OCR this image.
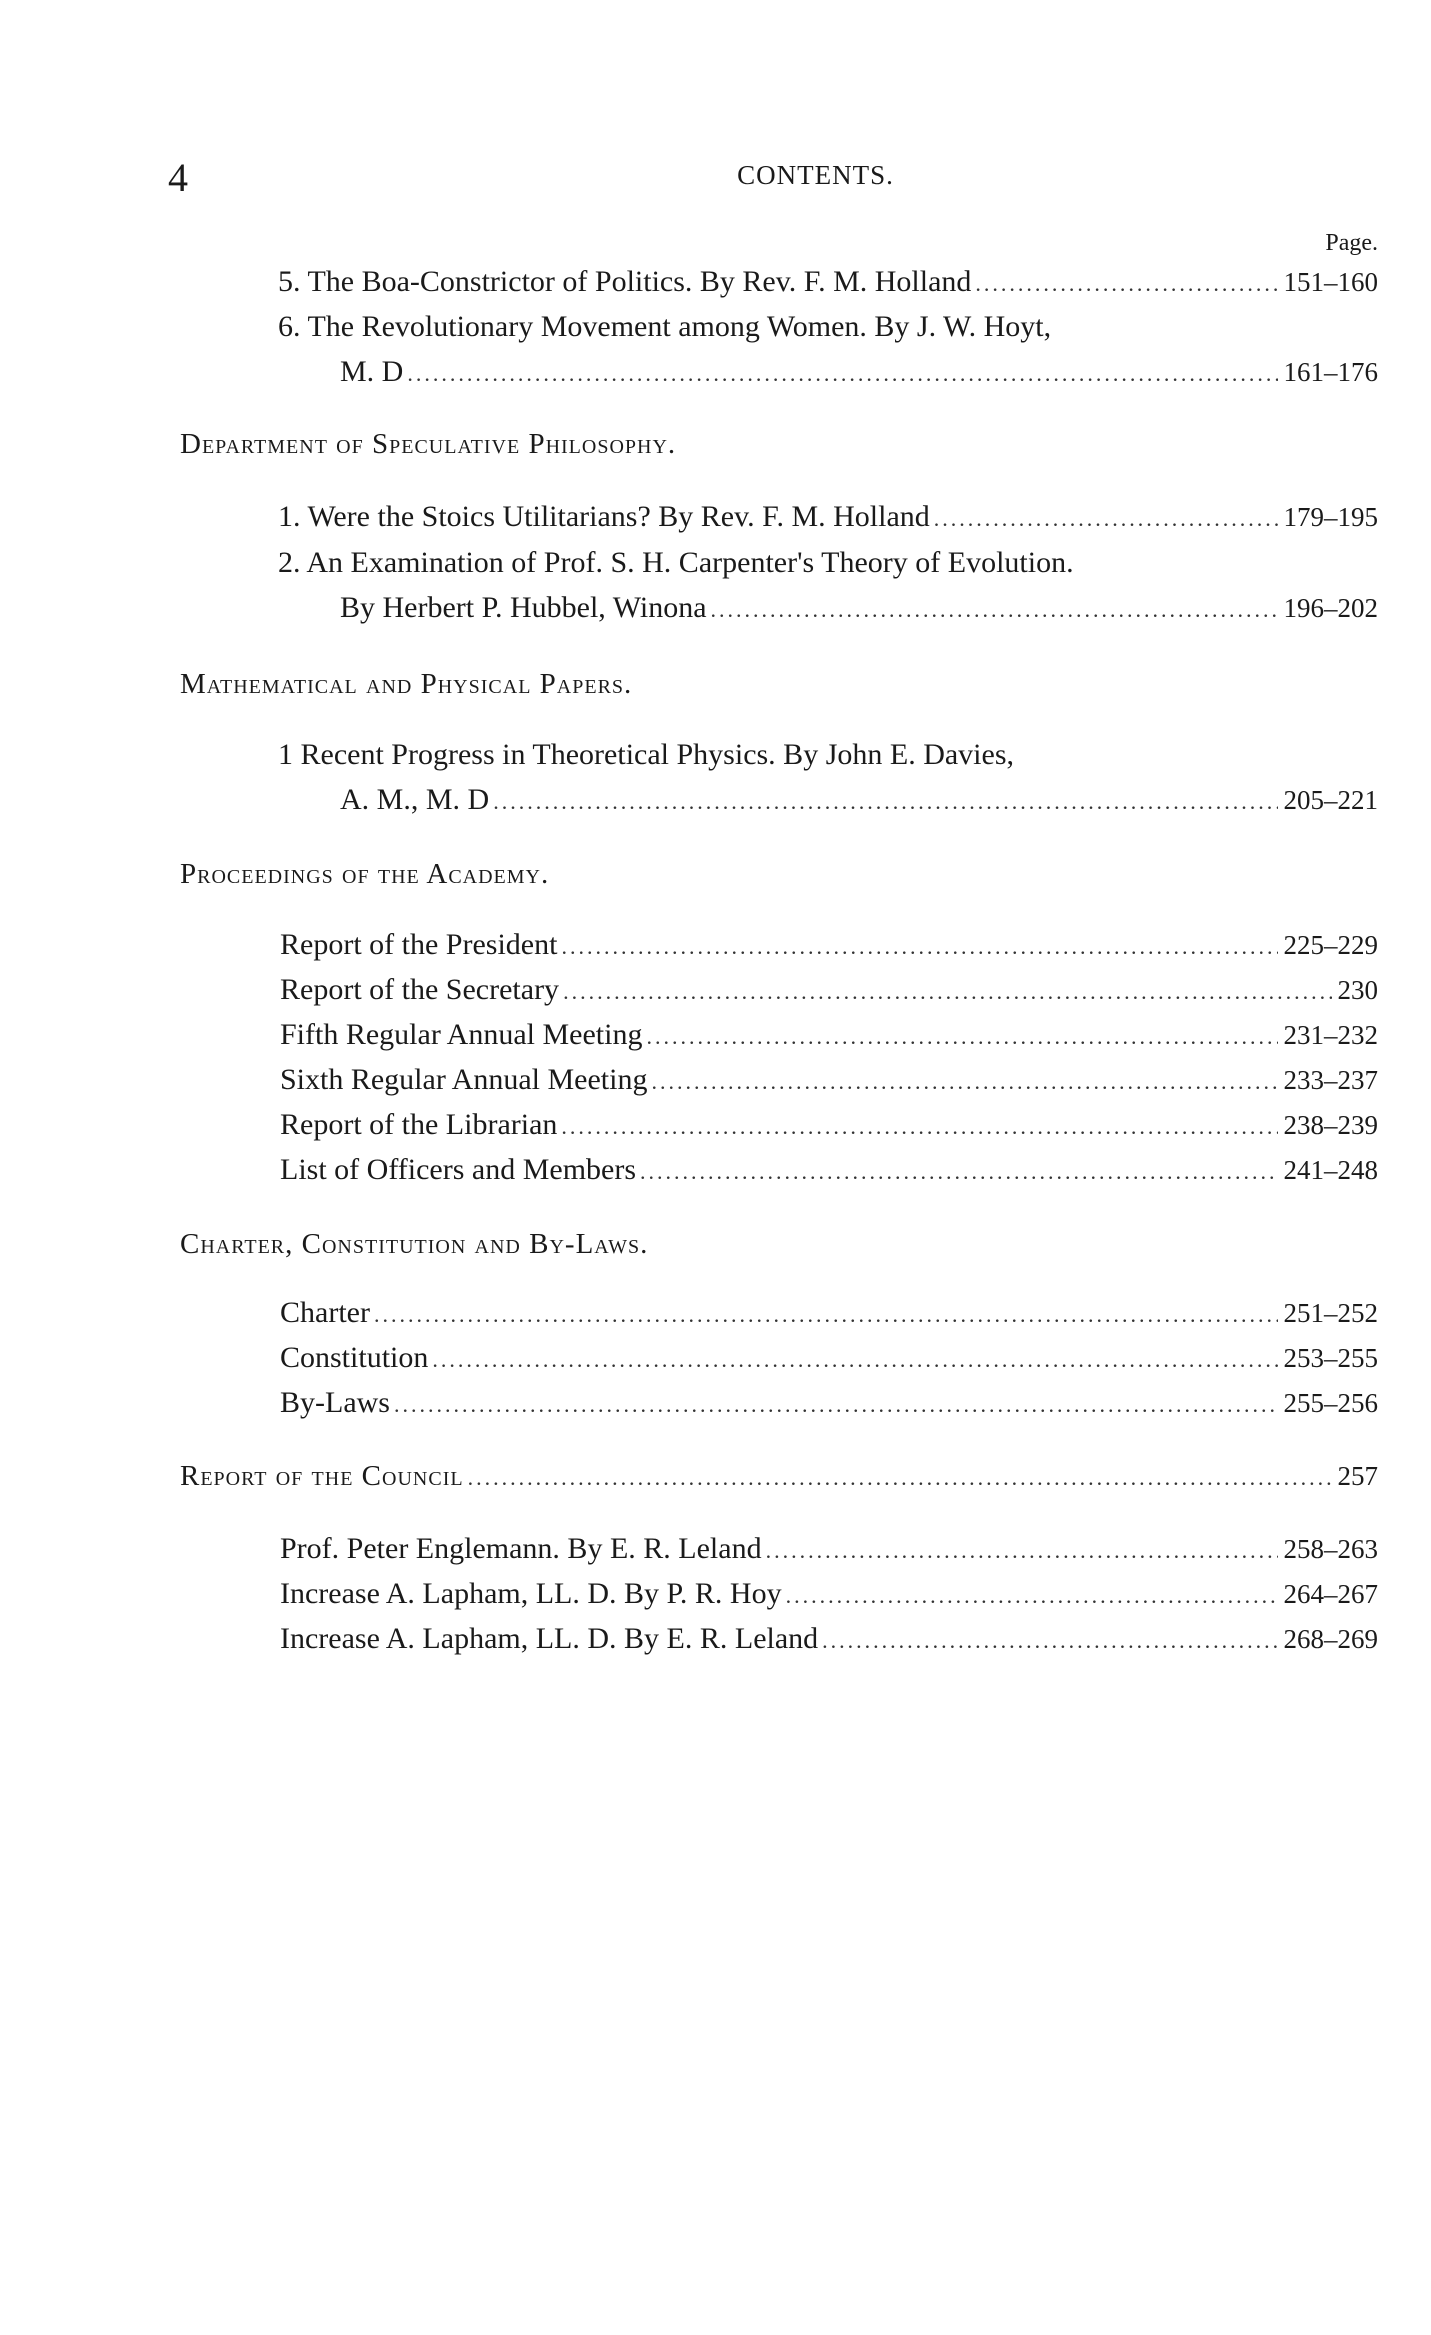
4	CONTENTS.
Page.
5. The Boa-Constrictor of Politics. By Rev. F. M. Holland .....	151–160
6. The Revolutionary Movement among Women. By J. W. Hoyt,
M. D .....	161–176
Department of Speculative Philosophy.
1. Were the Stoics Utilitarians? By Rev. F. M. Holland .....	179–195
2. An Examination of Prof. S. H. Carpenter's Theory of Evolution.
By Herbert P. Hubbel, Winona .....	196–202
Mathematical and Physical Papers.
1 Recent Progress in Theoretical Physics. By John E. Davies,
A. M., M. D .....	205–221
Proceedings of the Academy.
Report of the President .....	225–229
Report of the Secretary .....	230
Fifth Regular Annual Meeting .....	231–232
Sixth Regular Annual Meeting .....	233–237
Report of the Librarian .....	238–239
List of Officers and Members .....	241–248
Charter, Constitution and By-Laws.
Charter .....	251–252
Constitution .....	253–255
By-Laws .....	255–256
Report of the Council .....	257
Prof. Peter Englemann. By E. R. Leland .....	258–263
Increase A. Lapham, LL. D. By P. R. Hoy .....	264–267
Increase A. Lapham, LL. D. By E. R. Leland .....	268–269
